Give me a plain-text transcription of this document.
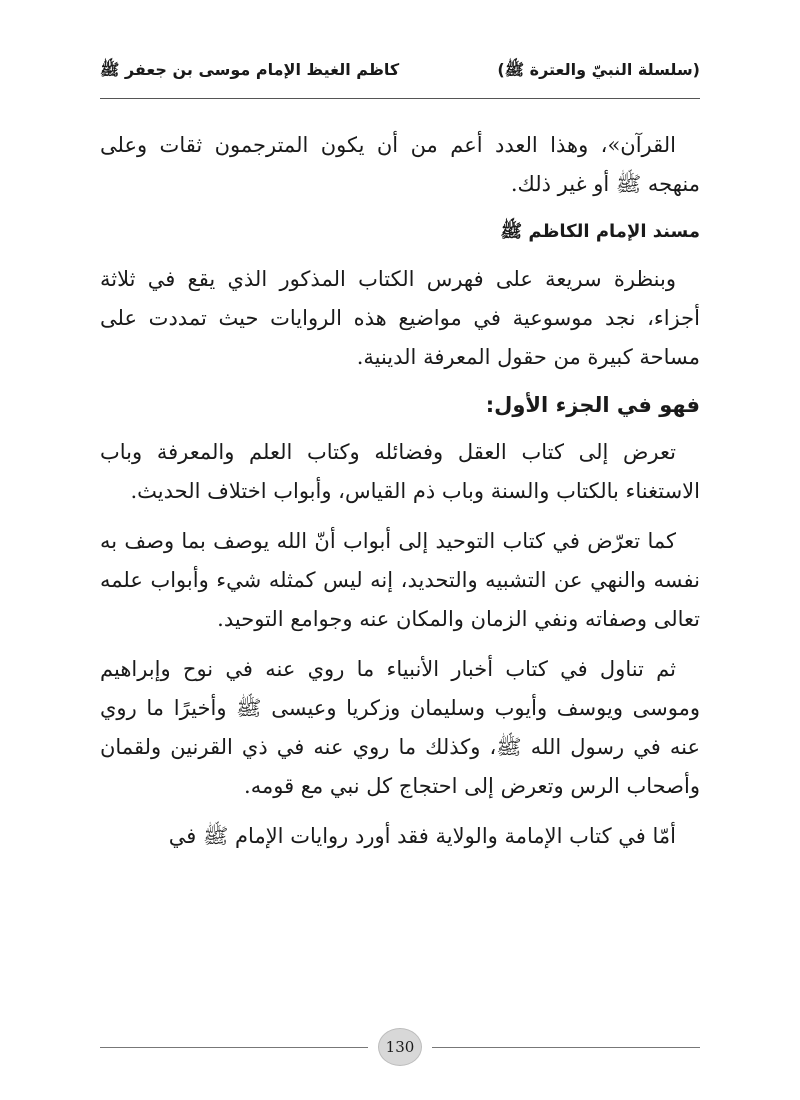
(سلسلة النبيّ والعترة ﷺ)
كاظم الغيظ الإمام موسى بن جعفر ﷺ

القرآن»، وهذا العدد أعم من أن يكون المترجمون ثقات وعلى منهجه ﷺ أو غير ذلك.

مسند الإمام الكاظم ﷺ

وبنظرة سريعة على فهرس الكتاب المذكور الذي يقع في ثلاثة أجزاء، نجد موسوعية في مواضيع هذه الروايات حيث تمددت على مساحة كبيرة من حقول المعرفة الدينية.

فهو في الجزء الأول:

تعرض إلى كتاب العقل وفضائله وكتاب العلم والمعرفة وباب الاستغناء بالكتاب والسنة وباب ذم القياس، وأبواب اختلاف الحديث.

كما تعرّض في كتاب التوحيد إلى أبواب أنّ الله يوصف بما وصف به نفسه والنهي عن التشبيه والتحديد، إنه ليس كمثله شيء وأبواب علمه تعالى وصفاته ونفي الزمان والمكان عنه وجوامع التوحيد.

ثم تناول في كتاب أخبار الأنبياء ما روي عنه في نوح وإبراهيم وموسى ويوسف وأيوب وسليمان وزكريا وعيسى ﷺ وأخيرًا ما روي عنه في رسول الله ﷺ، وكذلك ما روي عنه في ذي القرنين ولقمان وأصحاب الرس وتعرض إلى احتجاج كل نبي مع قومه.

أمّا في كتاب الإمامة والولاية فقد أورد روايات الإمام ﷺ في

130
